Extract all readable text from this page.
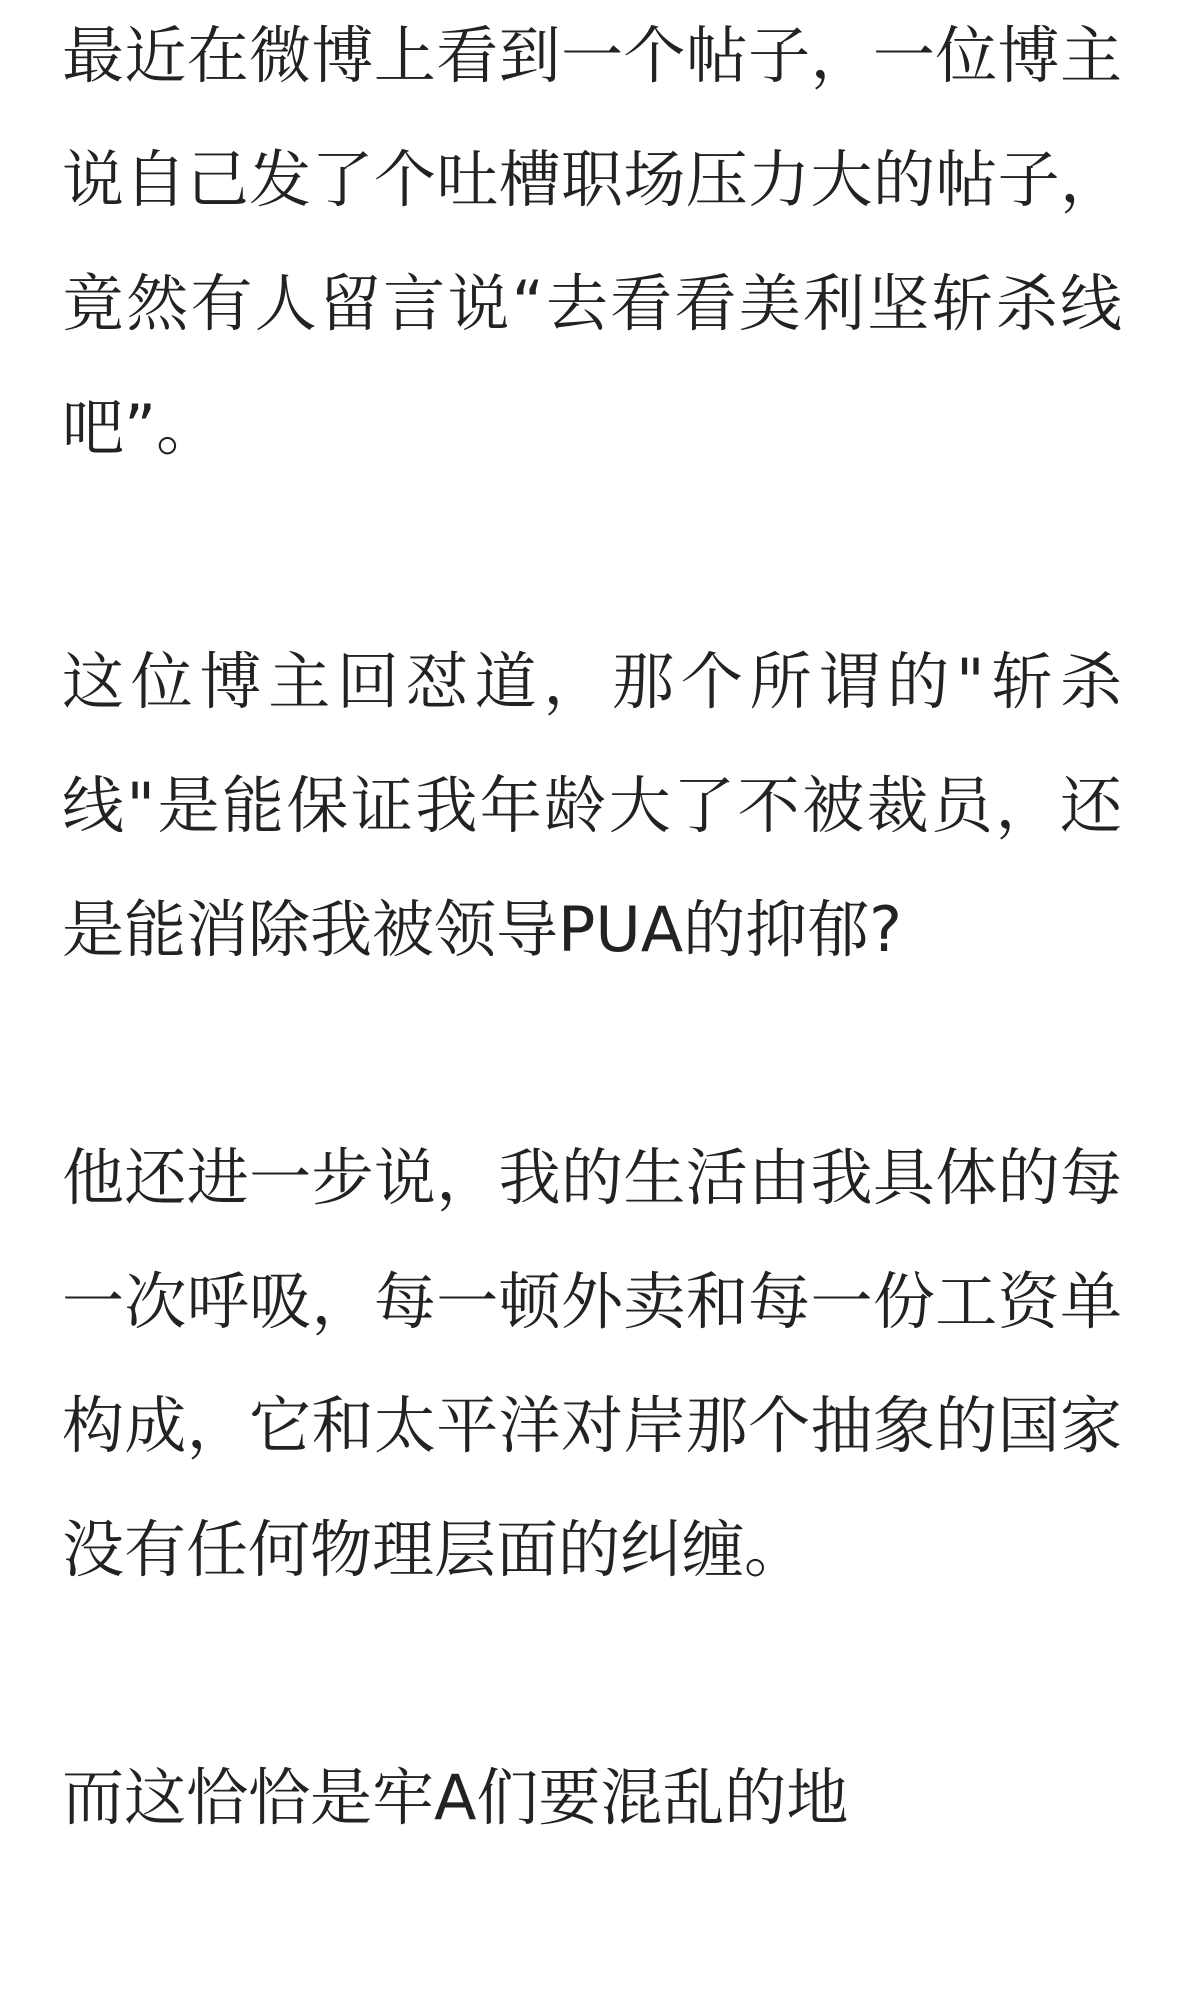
最近在微博上看到一个帖子，一位博主说自己发了个吐槽职场压力大的帖子，竟然有人留言说“去看看美利坚斩杀线吧”。

这位博主回怼道，那个所谓的"斩杀线"是能保证我年龄大了不被裁员，还是能消除我被领导PUA的抑郁?

他还进一步说，我的生活由我具体的每一次呼吸，每一顿外卖和每一份工资单构成，它和太平洋对岸那个抽象的国家没有任何物理层面的纠缠。

而这恰恰是牢A们要混乱的地
